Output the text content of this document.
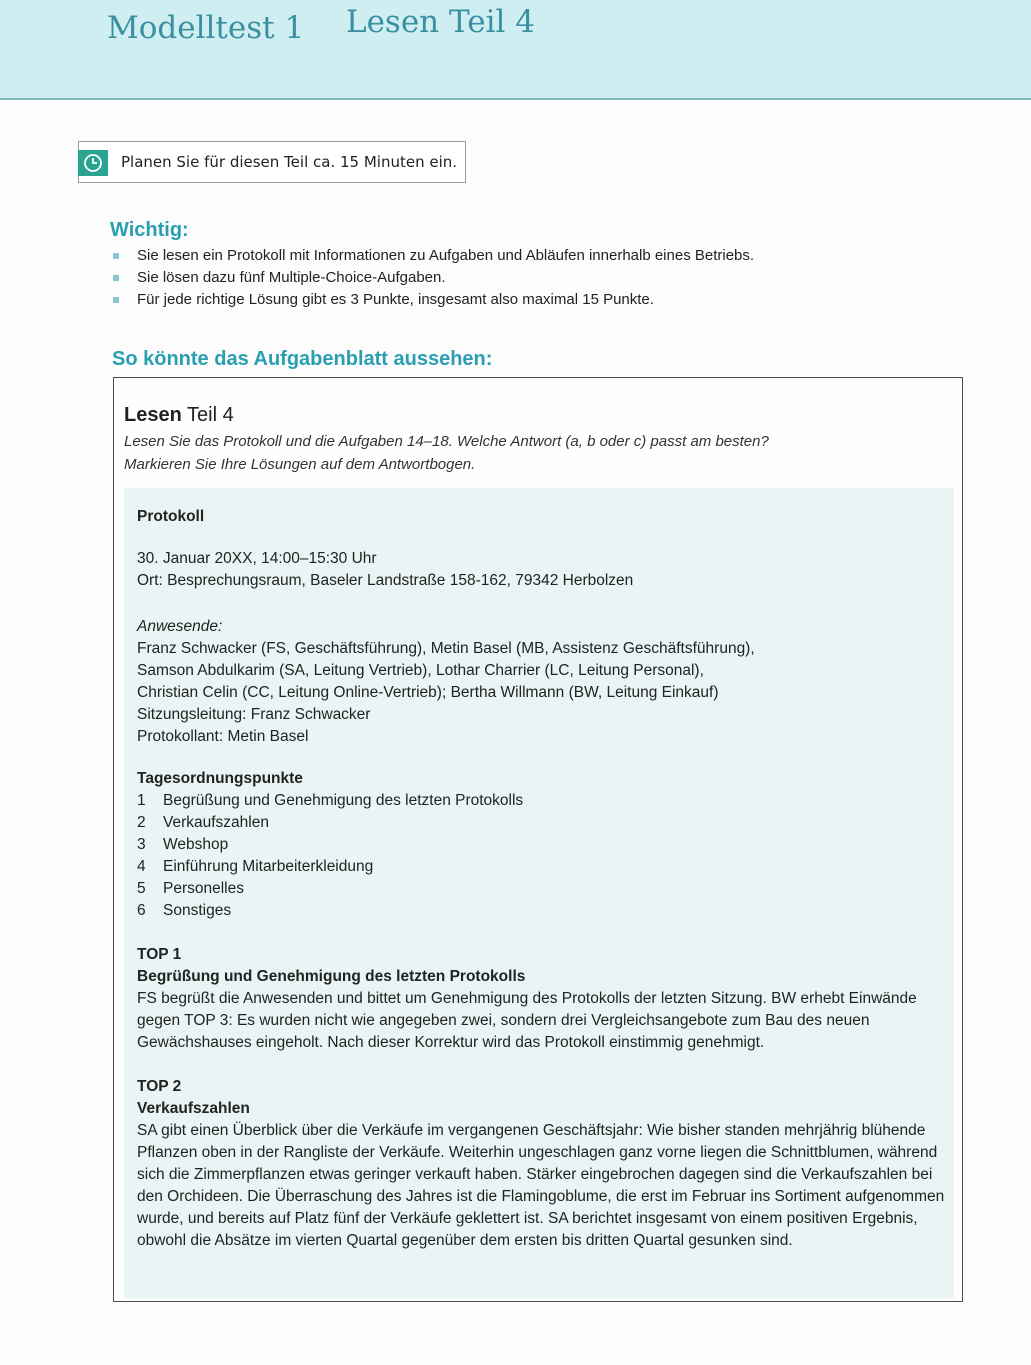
Modelltest 1 Lesen Teil 4
Planen Sie für diesen Teil ca. 15 Minuten ein.
Wichtig:
Sie lesen ein Protokoll mit Informationen zu Aufgaben und Abläufen innerhalb eines Betriebs.
Sie lösen dazu fünf Multiple-Choice-Aufgaben.
Für jede richtige Lösung gibt es 3 Punkte, insgesamt also maximal 15 Punkte.
So könnte das Aufgabenblatt aussehen:
Lesen Teil 4
Lesen Sie das Protokoll und die Aufgaben 14–18. Welche Antwort (a, b oder c) passt am besten?
Markieren Sie Ihre Lösungen auf dem Antwortbogen.
Protokoll
30. Januar 20XX, 14:00–15:30 Uhr
Ort: Besprechungsraum, Baseler Landstraße 158-162, 79342 Herbolzen
Anwesende:
Franz Schwacker (FS, Geschäftsführung), Metin Basel (MB, Assistenz Geschäftsführung),
Samson Abdulkarim (SA, Leitung Vertrieb), Lothar Charrier (LC, Leitung Personal),
Christian Celin (CC, Leitung Online-Vertrieb); Bertha Willmann (BW, Leitung Einkauf)
Sitzungsleitung: Franz Schwacker
Protokollant: Metin Basel
Tagesordnungspunkte
1	Begrüßung und Genehmigung des letzten Protokolls
2	Verkaufszahlen
3	Webshop
4	Einführung Mitarbeiterkleidung
5	Personelles
6	Sonstiges
TOP 1
Begrüßung und Genehmigung des letzten Protokolls
FS begrüßt die Anwesenden und bittet um Genehmigung des Protokolls der letzten Sitzung. BW erhebt Einwände gegen TOP 3: Es wurden nicht wie angegeben zwei, sondern drei Vergleichsangebote zum Bau des neuen Gewächshauses eingeholt. Nach dieser Korrektur wird das Protokoll einstimmig genehmigt.
TOP 2
Verkaufszahlen
SA gibt einen Überblick über die Verkäufe im vergangenen Geschäftsjahr: Wie bisher standen mehrjährig blühende Pflanzen oben in der Rangliste der Verkäufe. Weiterhin ungeschlagen ganz vorne liegen die Schnittblumen, während sich die Zimmerpflanzen etwas geringer verkauft haben. Stärker eingebrochen dagegen sind die Verkaufszahlen bei den Orchideen. Die Überraschung des Jahres ist die Flamingoblume, die erst im Februar ins Sortiment aufgenommen wurde, und bereits auf Platz fünf der Verkäufe geklettert ist. SA berichtet insgesamt von einem positiven Ergebnis, obwohl die Absätze im vierten Quartal gegenüber dem ersten bis dritten Quartal gesunken sind.
